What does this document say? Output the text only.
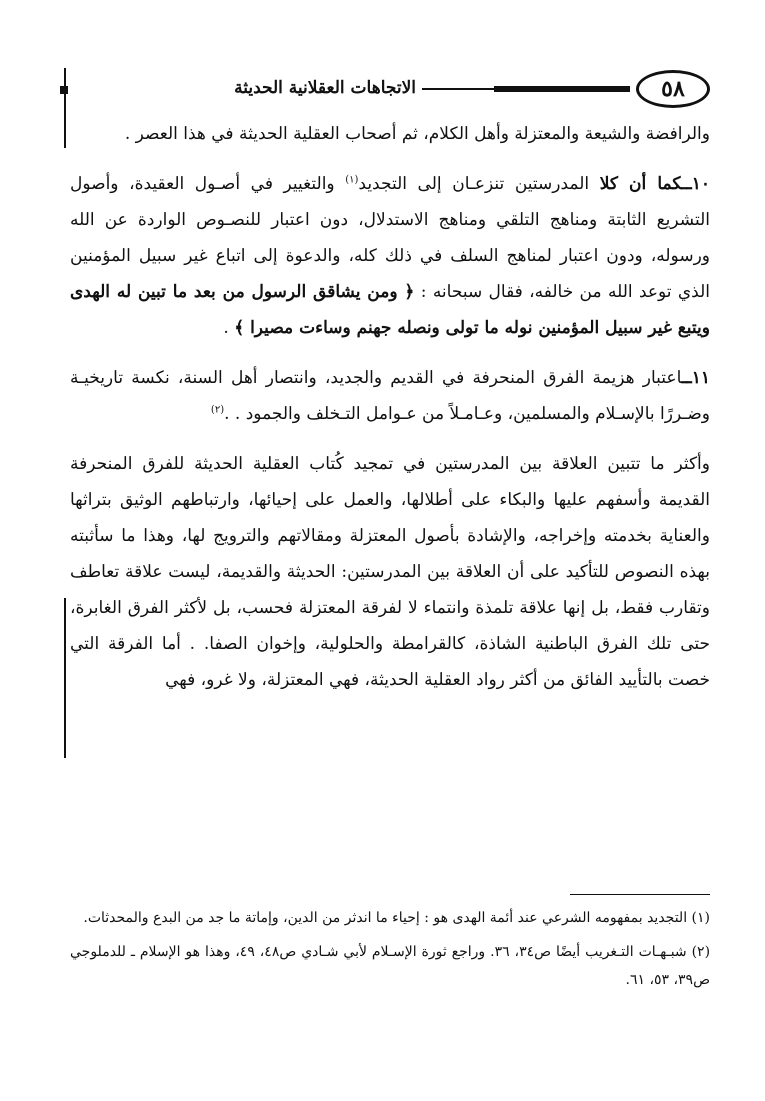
٥٨
الاتجاهات العقلانية الحديثة

والرافضة والشيعة والمعتزلة وأهل الكلام، ثم أصحاب العقلية الحديثة في هذا العصر .

١٠ــكما أن كلا المدرستين تنزعـان إلى التجديد$^{(١)}$ والتغيير في أصـول العقيدة، وأصول التشريع الثابتة ومناهج التلقي ومناهج الاستدلال، دون اعتبار للنصـوص الواردة عن الله ورسوله، ودون اعتبار لمناهج السلف في ذلك كله، والدعوة إلى اتباع غير سبيل المؤمنين الذي توعد الله من خالفه، فقال سبحانه : ﴿ ومن يشاقق الرسول من بعد ما تبين له الهدى ويتبع غير سبيل المؤمنين نوله ما تولى ونصله جهنم وساءت مصيرا ﴾ .

١١ــاعتبار هزيمة الفرق المنحرفة في القديم والجديد، وانتصار أهل السنة، نكسة تاريخيـة وضـررًا بالإسـلام والمسلمين، وعـامـلاً من عـوامل التـخلف والجمود . .$^{(٢)}$

وأكثر ما تتبين العلاقة بين المدرستين في تمجيد كُتاب العقلية الحديثة للفرق المنحرفة القديمة وأسفهم عليها والبكاء على أطلالها، والعمل على إحيائها، وارتباطهم الوثيق بتراثها والعناية بخدمته وإخراجه، والإشادة بأصول المعتزلة ومقالاتهم والترويج لها، وهذا ما سأثبته بهذه النصوص للتأكيد على أن العلاقة بين المدرستين: الحديثة والقديمة، ليست علاقة تعاطف وتقارب فقط، بل إنها علاقة تلمذة وانتماء لا لفرقة المعتزلة فحسب، بل لأكثر الفرق الغابرة، حتى تلك الفرق الباطنية الشاذة، كالقرامطة والحلولية، وإخوان الصفا. . أما الفرقة التي خصت بالتأييد الفائق من أكثر رواد العقلية الحديثة، فهي المعتزلة، ولا غرو، فهي

(١) التجديد بمفهومه الشرعي عند أئمة الهدى هو : إحياء ما اندثر من الدين، وإماتة ما جد من البدع والمحدثات.

(٢) شبـهـات التـغريب أيضًا ص٣٤، ٣٦. وراجع ثورة الإسـلام لأبي شـادي ص٤٨، ٤٩، وهذا هو الإسلام ـ للدملوجي ص٣٩، ٥٣، ٦١.
